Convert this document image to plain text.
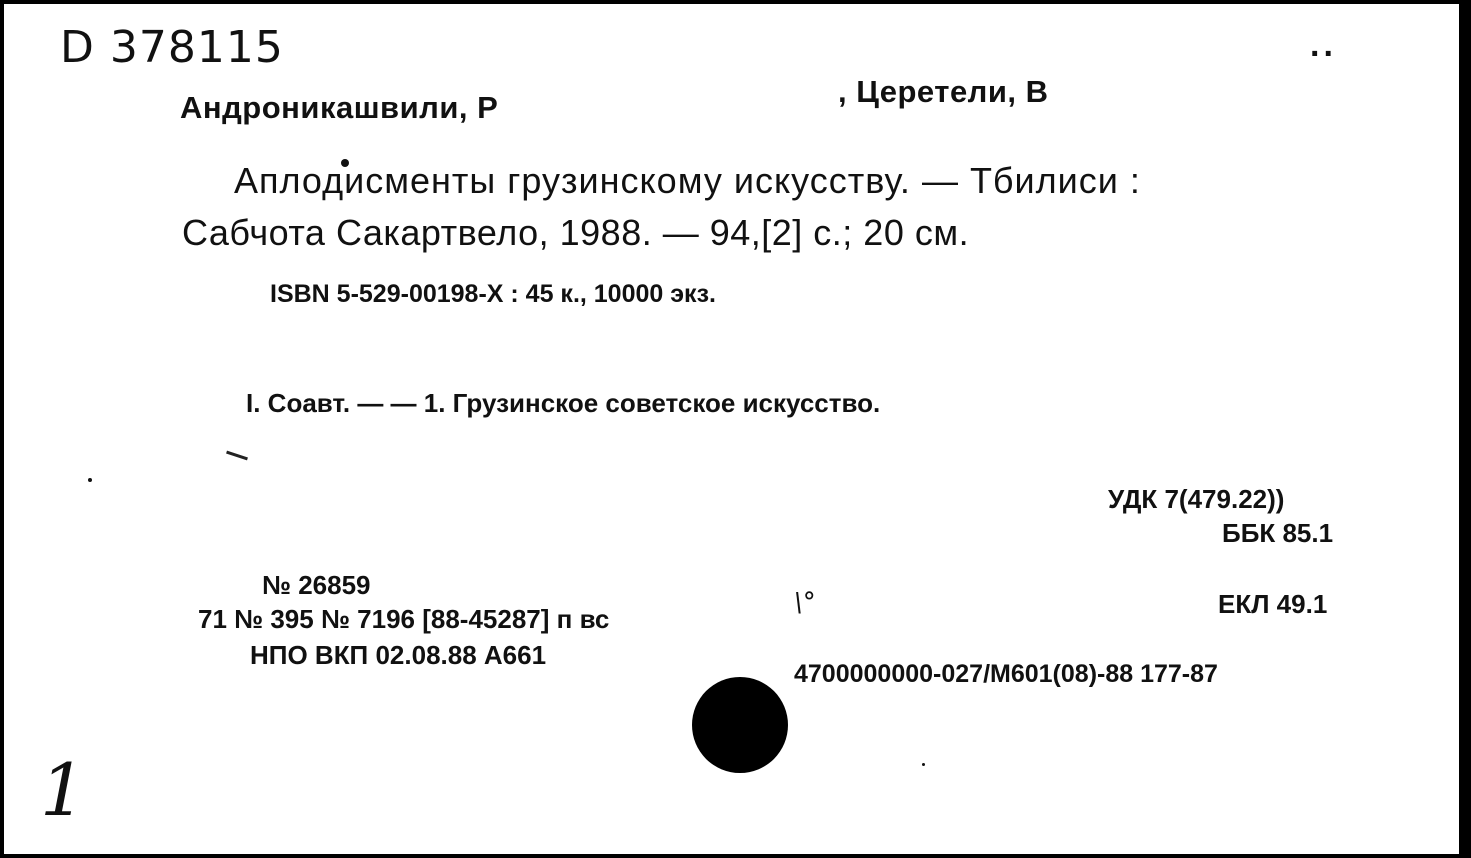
D 378115	..
Андроникашвили, Р	, Церетели, В
Аплодисменты грузинскому искусству. — Тбилиси :
Сабчота Сакартвело, 1988. — 94,[2] с.; 20 см.
ISBN 5-529-00198-X : 45 к., 10000 экз.
I. Соавт. — — 1. Грузинское советское искусство.
УДК 7(479.22))
ББК 85.1
ЕКЛ 49.1
№ 26859
71 № 395 № 7196 [88-45287] п вс
\°
НПО ВКП 02.08.88 А661
4700000000-027/М601(08)-88 177-87
1
